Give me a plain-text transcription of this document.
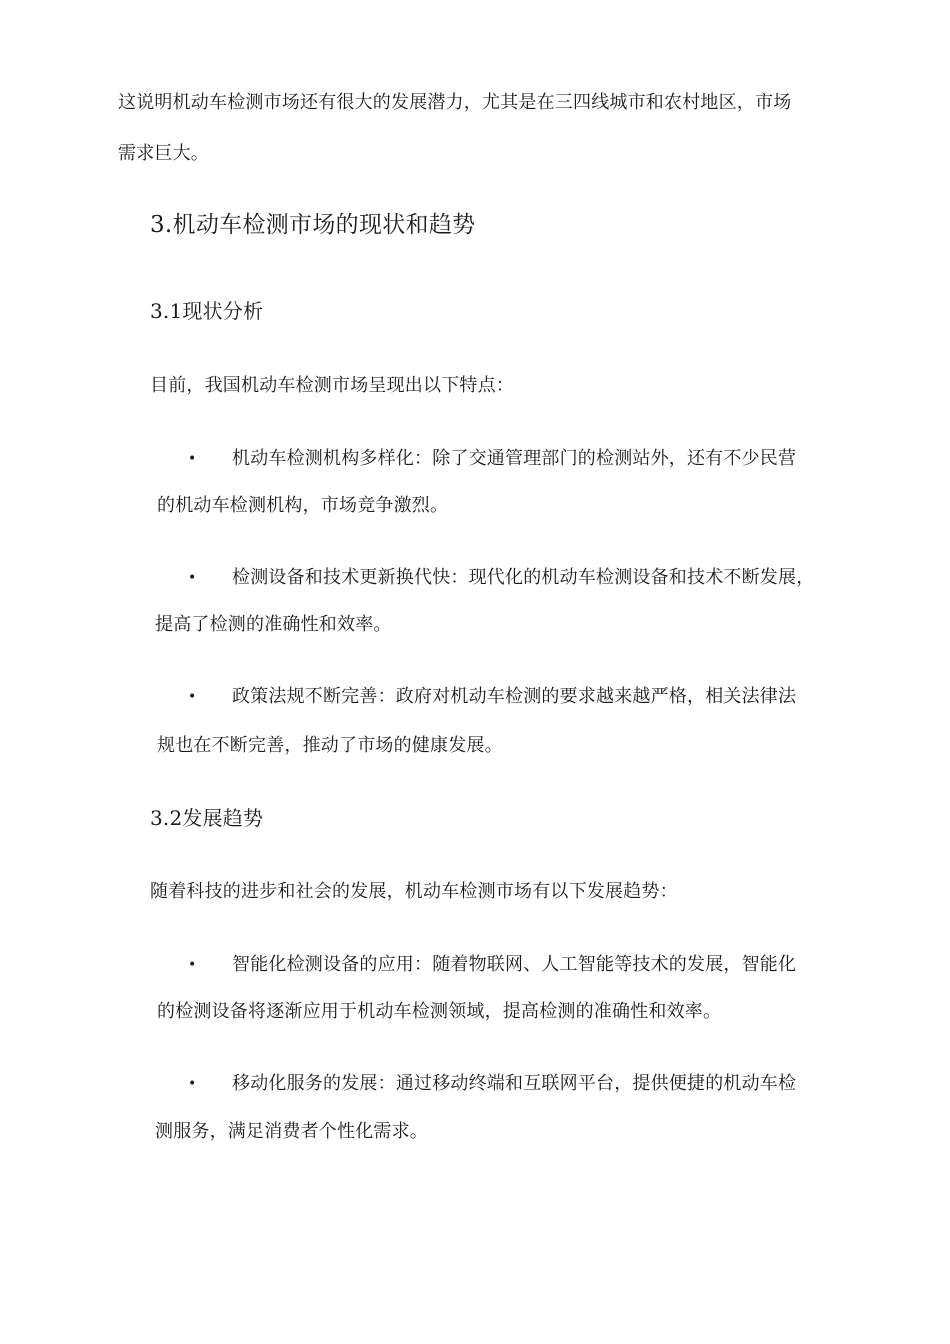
这说明机动车检测市场还有很大的发展潜力，尤其是在三四线城市和农村地区，市场
需求巨大。
3.机动车检测市场的现状和趋势
3.1现状分析
目前，我国机动车检测市场呈现出以下特点：
• 机动车检测机构多样化：除了交通管理部门的检测站外，还有不少民营
的机动车检测机构，市场竞争激烈。
• 检测设备和技术更新换代快：现代化的机动车检测设备和技术不断发展，
提高了检测的准确性和效率。
• 政策法规不断完善：政府对机动车检测的要求越来越严格，相关法律法
规也在不断完善，推动了市场的健康发展。
3.2发展趋势
随着科技的进步和社会的发展，机动车检测市场有以下发展趋势：
• 智能化检测设备的应用：随着物联网、人工智能等技术的发展，智能化
的检测设备将逐渐应用于机动车检测领域，提高检测的准确性和效率。
• 移动化服务的发展：通过移动终端和互联网平台，提供便捷的机动车检
测服务，满足消费者个性化需求。
